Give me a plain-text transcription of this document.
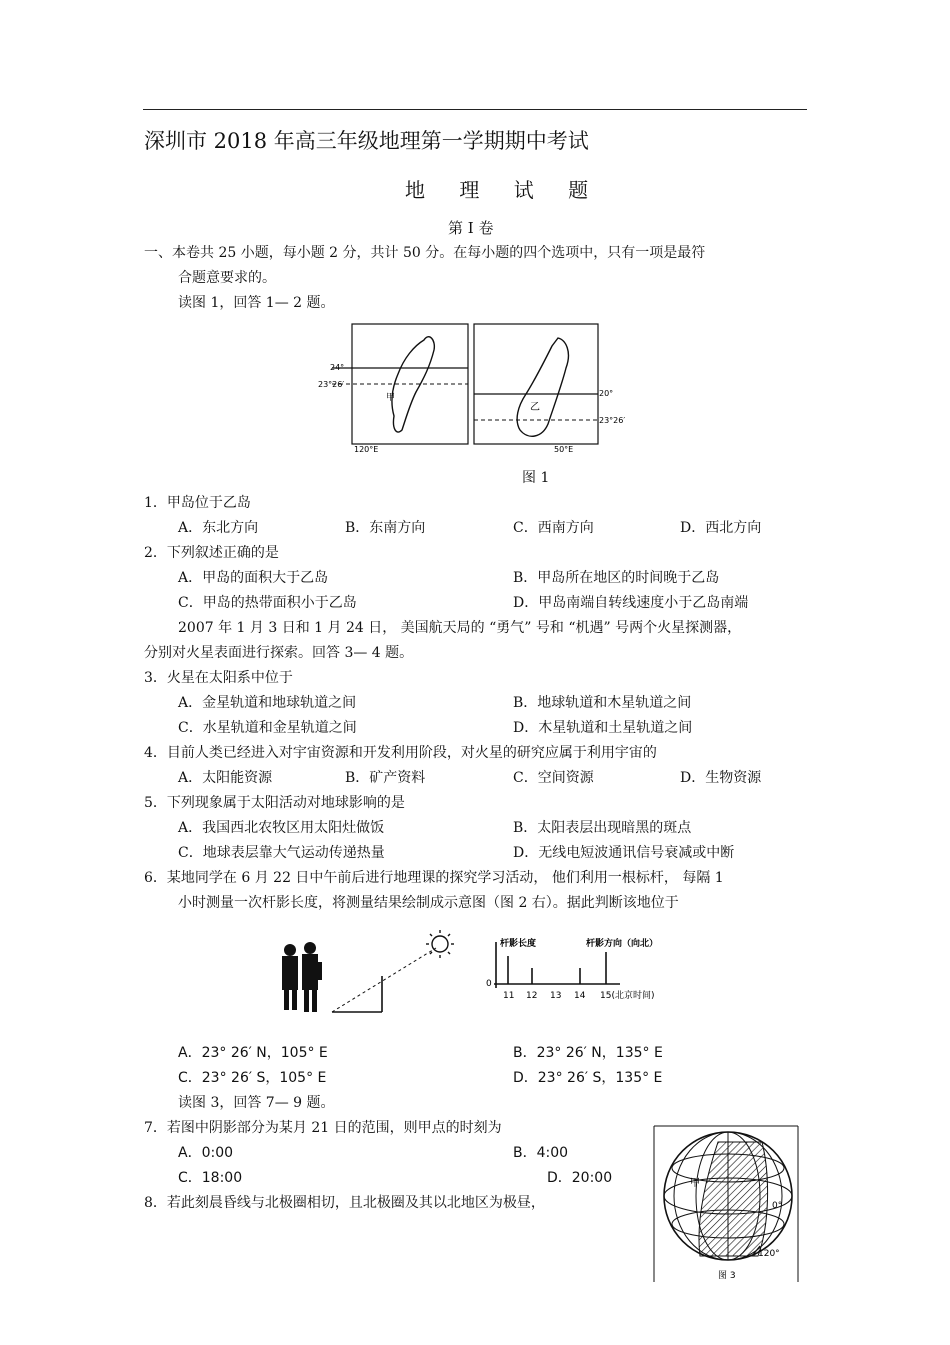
深圳市 2018 年高三年级地理第一学期期中考试
地 理 试 题
第 Ⅰ 卷
一、本卷共 25 小题，每小题 2 分，共计 50 分。在每小题的四个选项中，只有一项是最符
合题意要求的。
读图 1，回答 1— 2 题。
24°
23°26′
120°E
甲	20°
23°26′
50°E
乙
图 1
1．甲岛位于乙岛
A．东北方向	B．东南方向	C．西南方向	D．西北方向
2．下列叙述正确的是
A．甲岛的面积大于乙岛	B．甲岛所在地区的时间晚于乙岛
C．甲岛的热带面积小于乙岛	D．甲岛南端自转线速度小于乙岛南端
2007 年 1 月 3 日和 1 月 24 日， 美国航天局的 “勇气” 号和 “机遇” 号两个火星探测器，
分别对火星表面进行探索。回答 3— 4 题。
3．火星在太阳系中位于
A．金星轨道和地球轨道之间	B．地球轨道和木星轨道之间
C．水星轨道和金星轨道之间	D．木星轨道和土星轨道之间
4．目前人类已经进入对宇宙资源和开发利用阶段，对火星的研究应属于利用宇宙的
A．太阳能资源	B．矿产资料	C．空间资源	D．生物资源
5．下列现象属于太阳活动对地球影响的是
A．我国西北农牧区用太阳灶做饭	B．太阳表层出现暗黑的斑点
C．地球表层靠大气运动传递热量	D．无线电短波通讯信号衰减或中断
6．某地同学在 6 月 22 日中午前后进行地理课的探究学习活动， 他们利用一根标杆， 每隔 1
小时测量一次杆影长度，将测量结果绘制成示意图（图 2 右）。据此判断该地位于
杆影长度	杆影方向（向北）
0
11 12 13 14 15(北京时间)
A．23° 26′ N，105° E	B．23° 26′ N，135° E
C．23° 26′ S，105° E	D．23° 26′ S，135° E
读图 3，回答 7— 9 题。
7．若图中阴影部分为某月 21 日的范围，则甲点的时刻为
A．0:00	B．4:00
C．18:00	D．20:00
8．若此刻晨昏线与北极圈相切，且北极圈及其以北地区为极昼，
甲
0°
120°
图 3
